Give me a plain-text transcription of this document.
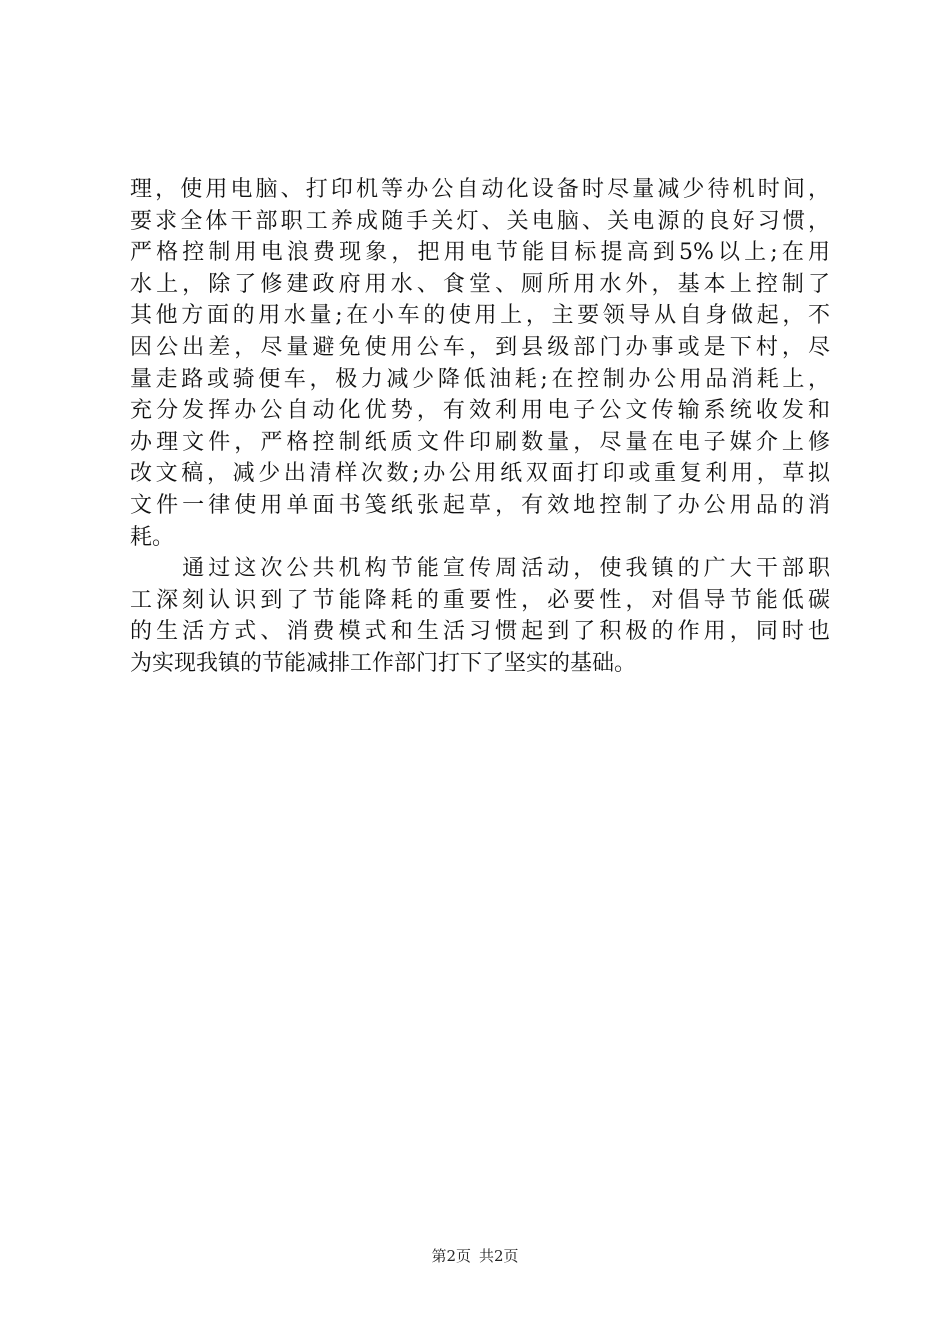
理，使用电脑、打印机等办公自动化设备时尽量减少待机时间，
要求全体干部职工养成随手关灯、关电脑、关电源的良好习惯，
严格控制用电浪费现象，把用电节能目标提高到5%以上;在用
水上，除了修建政府用水、食堂、厕所用水外，基本上控制了
其他方面的用水量;在小车的使用上，主要领导从自身做起，不
因公出差，尽量避免使用公车，到县级部门办事或是下村，尽
量走路或骑便车，极力减少降低油耗;在控制办公用品消耗上，
充分发挥办公自动化优势，有效利用电子公文传输系统收发和
办理文件，严格控制纸质文件印刷数量，尽量在电子媒介上修
改文稿，减少出清样次数;办公用纸双面打印或重复利用，草拟
文件一律使用单面书笺纸张起草，有效地控制了办公用品的消
耗。
　　通过这次公共机构节能宣传周活动，使我镇的广大干部职
工深刻认识到了节能降耗的重要性，必要性，对倡导节能低碳
的生活方式、消费模式和生活习惯起到了积极的作用，同时也
为实现我镇的节能减排工作部门打下了坚实的基础。
第2页 共2页
